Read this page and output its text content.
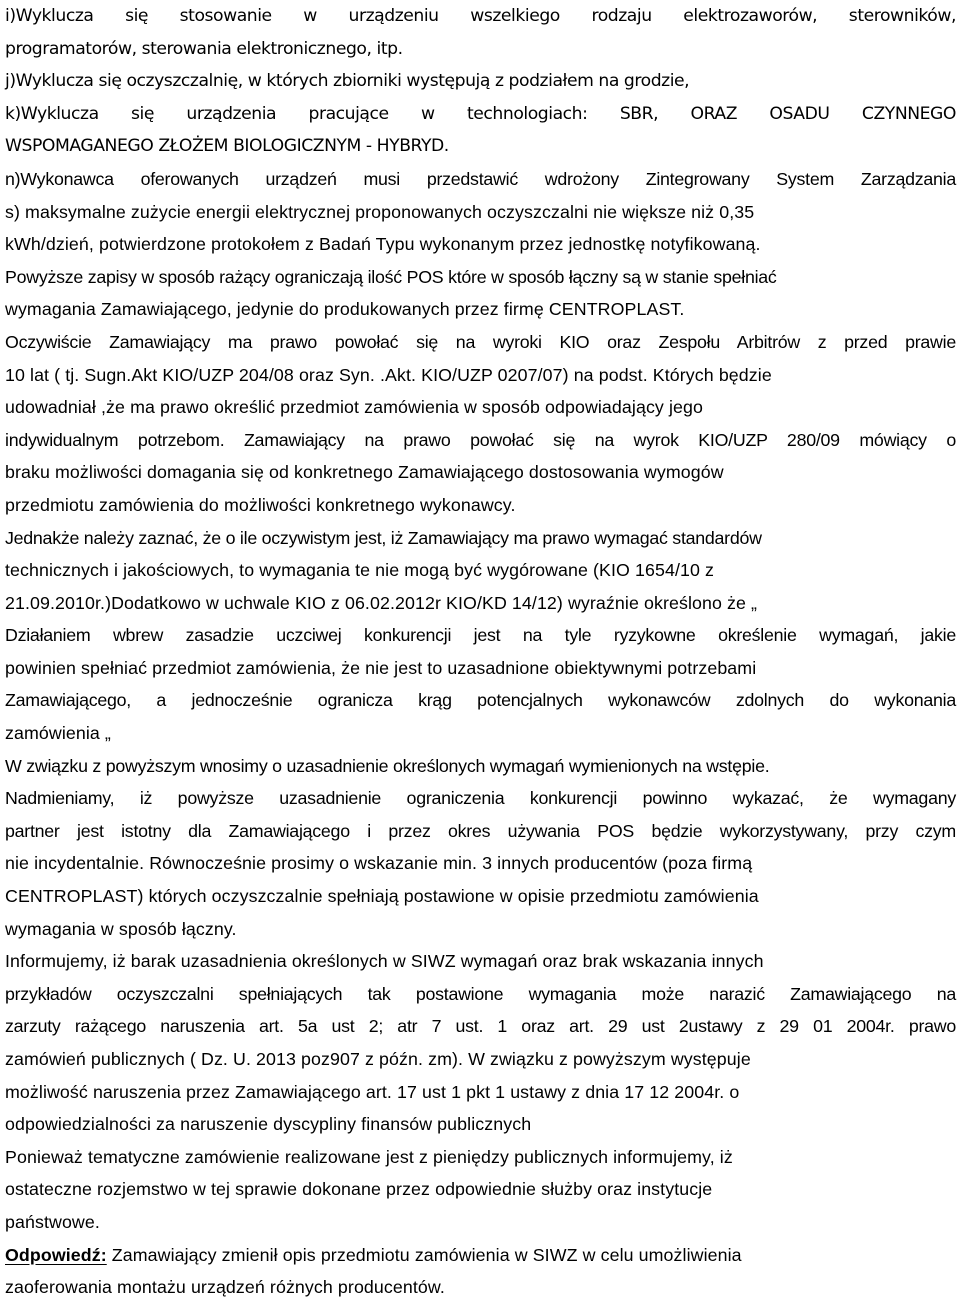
i)Wyklucza się stosowanie w urządzeniu wszelkiego rodzaju elektrozaworów, sterowników,

programatorów, sterowania elektronicznego, itp.

j)Wyklucza się oczyszczalnię, w których zbiorniki występują z podziałem na grodzie,

k)Wyklucza się urządzenia pracujące w technologiach: SBR, ORAZ OSADU CZYNNEGO

WSPOMAGANEGO ZŁOŻEM BIOLOGICZNYM - HYBRYD.

n)Wykonawca oferowanych urządzeń musi przedstawić wdrożony Zintegrowany System Zarządzania

s) maksymalne zużycie energii elektrycznej proponowanych oczyszczalni nie większe niż 0,35

kWh/dzień, potwierdzone protokołem z Badań Typu wykonanym przez jednostkę notyfikowaną.

Powyższe zapisy w sposób rażący ograniczają ilość POS które w sposób łączny są w stanie spełniać

wymagania Zamawiającego, jedynie do produkowanych przez firmę CENTROPLAST.

Oczywiście Zamawiający ma prawo powołać się na wyroki KIO oraz Zespołu Arbitrów z przed prawie

10 lat ( tj. Sugn.Akt KIO/UZP 204/08 oraz Syn. .Akt. KIO/UZP 0207/07) na podst. Których będzie

udowadniał ,że ma prawo określić przedmiot zamówienia w sposób odpowiadający jego

indywidualnym potrzebom. Zamawiający na prawo powołać się na wyrok KIO/UZP 280/09 mówiący o

braku możliwości domagania się od konkretnego Zamawiającego dostosowania wymogów

przedmiotu zamówienia do możliwości konkretnego wykonawcy.

Jednakże należy zaznać, że o ile oczywistym jest, iż Zamawiający ma prawo wymagać standardów

technicznych i jakościowych, to wymagania te nie mogą być wygórowane (KIO 1654/10 z

21.09.2010r.)Dodatkowo w uchwale KIO z 06.02.2012r KIO/KD 14/12) wyraźnie określono że „

Działaniem wbrew zasadzie uczciwej konkurencji jest na tyle ryzykowne określenie wymagań, jakie

powinien spełniać przedmiot zamówienia, że nie jest to uzasadnione obiektywnymi potrzebami

Zamawiającego, a jednocześnie ogranicza krąg potencjalnych wykonawców zdolnych do wykonania

zamówienia „

W związku z powyższym wnosimy o uzasadnienie określonych wymagań wymienionych na wstępie.

Nadmieniamy, iż powyższe uzasadnienie ograniczenia konkurencji powinno wykazać, że wymagany

partner jest istotny dla Zamawiającego i przez okres używania POS będzie wykorzystywany, przy czym

nie incydentalnie. Równocześnie prosimy o wskazanie min. 3 innych producentów (poza firmą

CENTROPLAST) których oczyszczalnie spełniają postawione w opisie przedmiotu zamówienia

wymagania w sposób łączny.

Informujemy, iż barak uzasadnienia określonych w SIWZ wymagań oraz brak wskazania innych

przykładów oczyszczalni spełniających tak postawione wymagania może narazić Zamawiającego na

zarzuty rażącego naruszenia art. 5a ust 2; atr 7 ust. 1 oraz art. 29 ust 2ustawy z 29 01 2004r. prawo

zamówień publicznych ( Dz. U. 2013 poz907 z późn. zm). W związku z powyższym występuje

możliwość naruszenia przez Zamawiającego art. 17 ust 1 pkt 1 ustawy z dnia 17 12 2004r. o

odpowiedzialności za naruszenie dyscypliny finansów publicznych

Ponieważ tematyczne zamówienie realizowane jest z pieniędzy publicznych informujemy, iż

ostateczne rozjemstwo w tej sprawie dokonane przez odpowiednie służby oraz instytucje

państwowe.

Odpowiedź: Zamawiający zmienił opis przedmiotu zamówienia w SIWZ w celu umożliwienia

zaoferowania montażu urządzeń różnych producentów.
